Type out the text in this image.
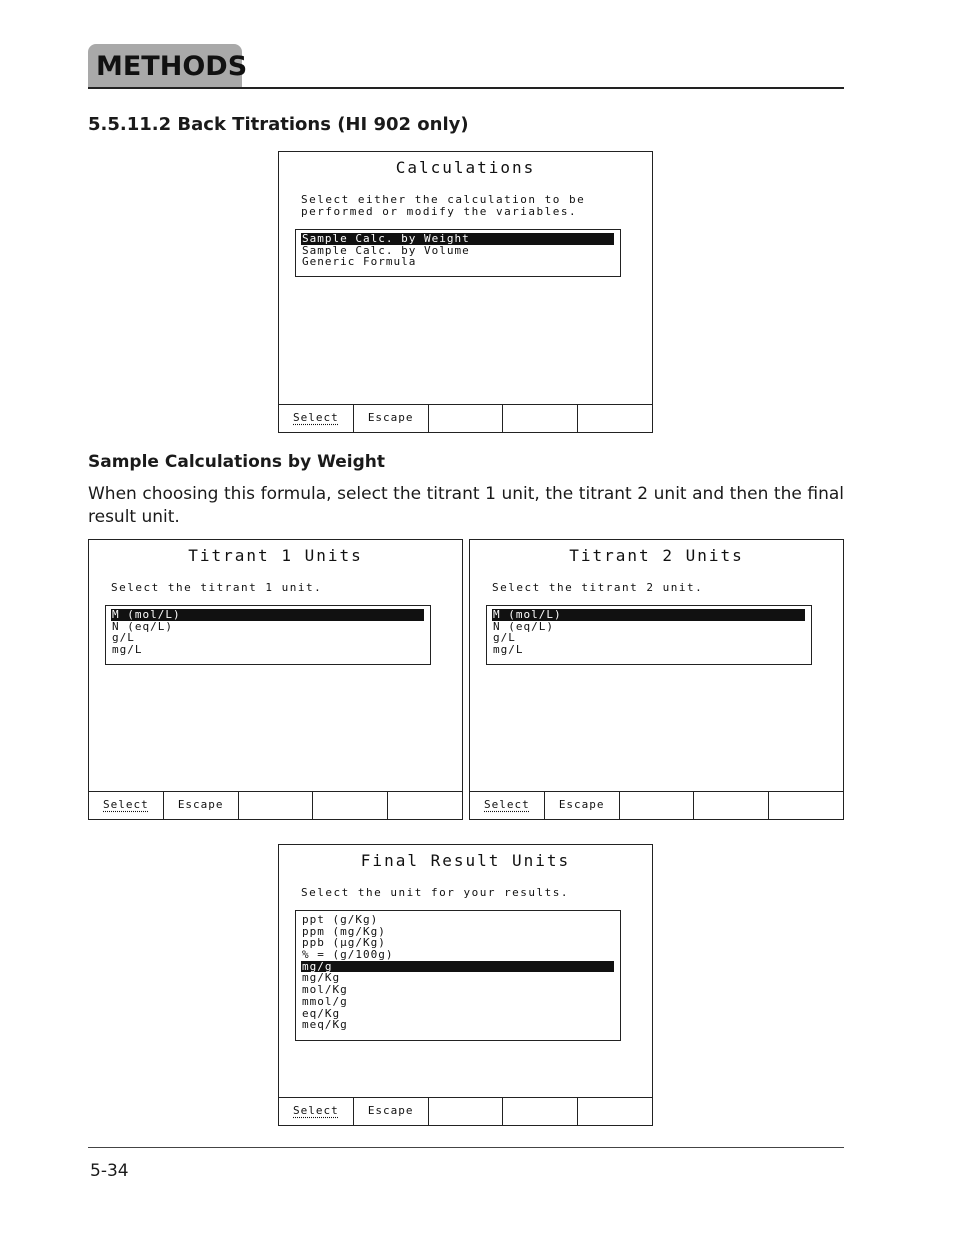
METHODS
5.5.11.2 Back Titrations (HI 902 only)
Calculations
Select either the calculation to be
performed or modify the variables.
Sample Calc. by Weight
Sample Calc. by Volume
Generic Formula
Select	Escape
Sample Calculations by Weight
When choosing this formula, select the titrant 1 unit, the titrant 2 unit and then the final result unit.
Titrant 1 Units
Select the titrant 1 unit.
M (mol/L)
N (eq/L)
g/L
mg/L
Select	Escape
Titrant 2 Units
Select the titrant 2 unit.
M (mol/L)
N (eq/L)
g/L
mg/L
Select	Escape
Final Result Units
Select the unit for your results.
ppt (g/Kg)
ppm (mg/Kg)
ppb (µg/Kg)
% = (g/100g)
mg/g
mg/Kg
mol/Kg
mmol/g
eq/Kg
meq/Kg
Select	Escape
5-34
